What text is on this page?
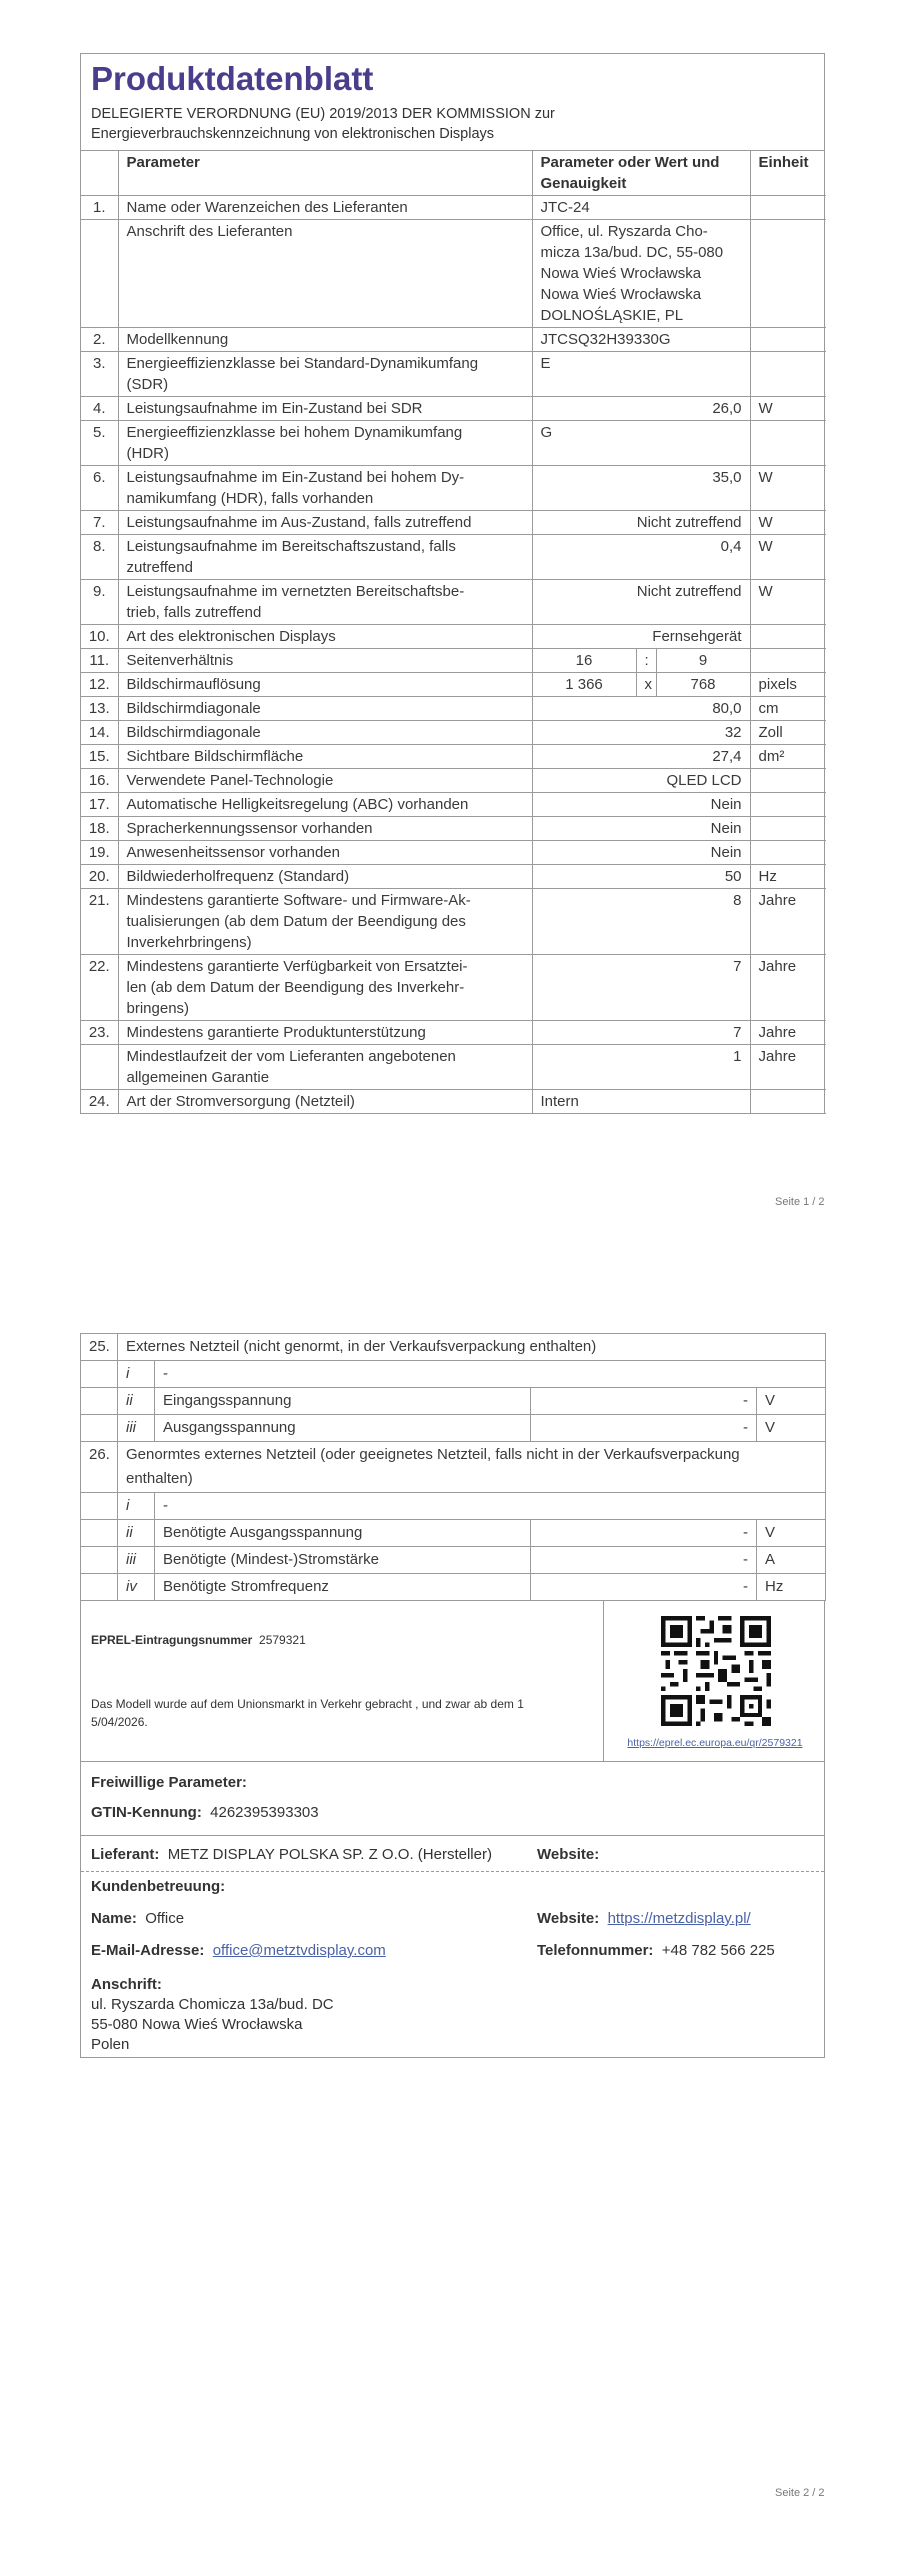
Produktdatenblatt
DELEGIERTE VERORDNUNG (EU) 2019/2013 DER KOMMISSION zur
Energieverbrauchskennzeichnung von elektronischen Displays
	Parameter	Parameter oder Wert und
Genauigkeit			Einheit
1.	Name oder Warenzeichen des Lieferanten	JTC-24			
	Anschrift des Lieferanten	Office, ul. Ryszarda Cho-
micza 13a/bud. DC, 55-080
Nowa Wieś Wrocławska
Nowa Wieś Wrocławska
DOLNOŚLĄSKIE, PL			

2.	Modellkennung	JTCSQ32H39330G			
3.	Energieeffizienzklasse bei Standard-Dynamikumfang
(SDR)	E			
4.	Leistungsaufnahme im Ein-Zustand bei SDR	26,0			W
5.	Energieeffizienzklasse bei hohem Dynamikumfang
(HDR)	G			
6.	Leistungsaufnahme im Ein-Zustand bei hohem Dy-
namikumfang (HDR), falls vorhanden	35,0			W
7.	Leistungsaufnahme im Aus-Zustand, falls zutreffend	Nicht zutreffend			W
8.	Leistungsaufnahme im Bereitschaftszustand, falls
zutreffend	0,4			W
9.	Leistungsaufnahme im vernetzten Bereitschaftsbe-
trieb, falls zutreffend	Nicht zutreffend			W
10.	Art des elektronischen Displays	Fernsehgerät			
11.	Seitenverhältnis	16	:	9	
12.	Bildschirmauflösung	1 366	x	768	pixels
13.	Bildschirmdiagonale	80,0			cm
14.	Bildschirmdiagonale	32			Zoll
15.	Sichtbare Bildschirmfläche	27,4			dm²
16.	Verwendete Panel-Technologie	QLED LCD			
17.	Automatische Helligkeitsregelung (ABC) vorhanden	Nein			
18.	Spracherkennungssensor vorhanden	Nein			
19.	Anwesenheitssensor vorhanden	Nein			
20.	Bildwiederholfrequenz (Standard)	50			Hz
21.	Mindestens garantierte Software- und Firmware-Ak-
tualisierungen (ab dem Datum der Beendigung des
Inverkehrbringens)	8			Jahre
22.	Mindestens garantierte Verfügbarkeit von Ersatztei-
len (ab dem Datum der Beendigung des Inverkehr-
bringens)	7			Jahre
23.	Mindestens garantierte Produktunterstützung	7			Jahre

	Mindestlaufzeit der vom Lieferanten angebotenen
allgemeinen Garantie	1			Jahre
24.	Art der Stromversorgung (Netzteil)	Intern			
Seite 1 / 2
25.	Externes Netzteil (nicht genormt, in der Verkaufsverpackung enthalten)			
	i	-		
	ii	Eingangsspannung	-	V
	iii	Ausgangsspannung	-	V
26.	Genormtes externes Netzteil (oder geeignetes Netzteil, falls nicht in der Verkaufsverpackung
enthalten)			

	i	-		
	ii	Benötigte Ausgangsspannung	-	V
	iii	Benötigte (Mindest-)Stromstärke	-	A
	iv	Benötigte Stromfrequenz	-	Hz
EPREL-Eintragungsnummer 2579321
Das Modell wurde auf dem Unionsmarkt in Verkehr gebracht , und zwar ab dem 1
5/04/2026.
https://eprel.ec.europa.eu/qr/2579321
Freiwillige Parameter:
GTIN-Kennung: 4262395393303
Lieferant: METZ DISPLAY POLSKA SP. Z O.O. (Hersteller)	Website:
Kundenbetreuung:
Name: Office	Website: https://metzdisplay.pl/
E-Mail-Adresse: office@metztvdisplay.com	Telefonnummer: +48 782 566 225
Anschrift:
ul. Ryszarda Chomicza 13a/bud. DC
55-080 Nowa Wieś Wrocławska
Polen
Seite 2 / 2
